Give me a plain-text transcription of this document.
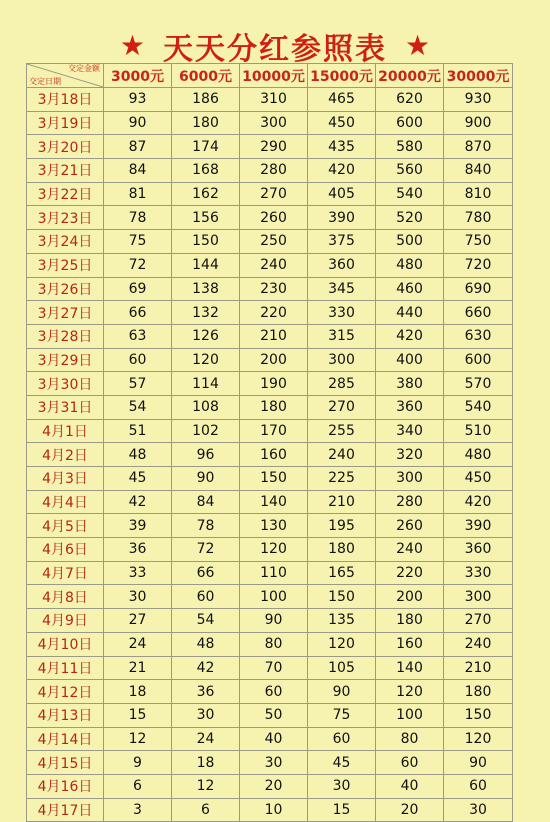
★ 天天分红参照表 ★
交定金额
交定日期	3000元	6000元	10000元	15000元	20000元	30000元
3月18日	93	186	310	465	620	930
3月19日	90	180	300	450	600	900
3月20日	87	174	290	435	580	870
3月21日	84	168	280	420	560	840
3月22日	81	162	270	405	540	810
3月23日	78	156	260	390	520	780
3月24日	75	150	250	375	500	750
3月25日	72	144	240	360	480	720
3月26日	69	138	230	345	460	690
3月27日	66	132	220	330	440	660
3月28日	63	126	210	315	420	630
3月29日	60	120	200	300	400	600
3月30日	57	114	190	285	380	570
3月31日	54	108	180	270	360	540
4月1日	51	102	170	255	340	510
4月2日	48	96	160	240	320	480
4月3日	45	90	150	225	300	450
4月4日	42	84	140	210	280	420
4月5日	39	78	130	195	260	390
4月6日	36	72	120	180	240	360
4月7日	33	66	110	165	220	330
4月8日	30	60	100	150	200	300
4月9日	27	54	90	135	180	270
4月10日	24	48	80	120	160	240
4月11日	21	42	70	105	140	210
4月12日	18	36	60	90	120	180
4月13日	15	30	50	75	100	150
4月14日	12	24	40	60	80	120
4月15日	9	18	30	45	60	90
4月16日	6	12	20	30	40	60
4月17日	3	6	10	15	20	30
